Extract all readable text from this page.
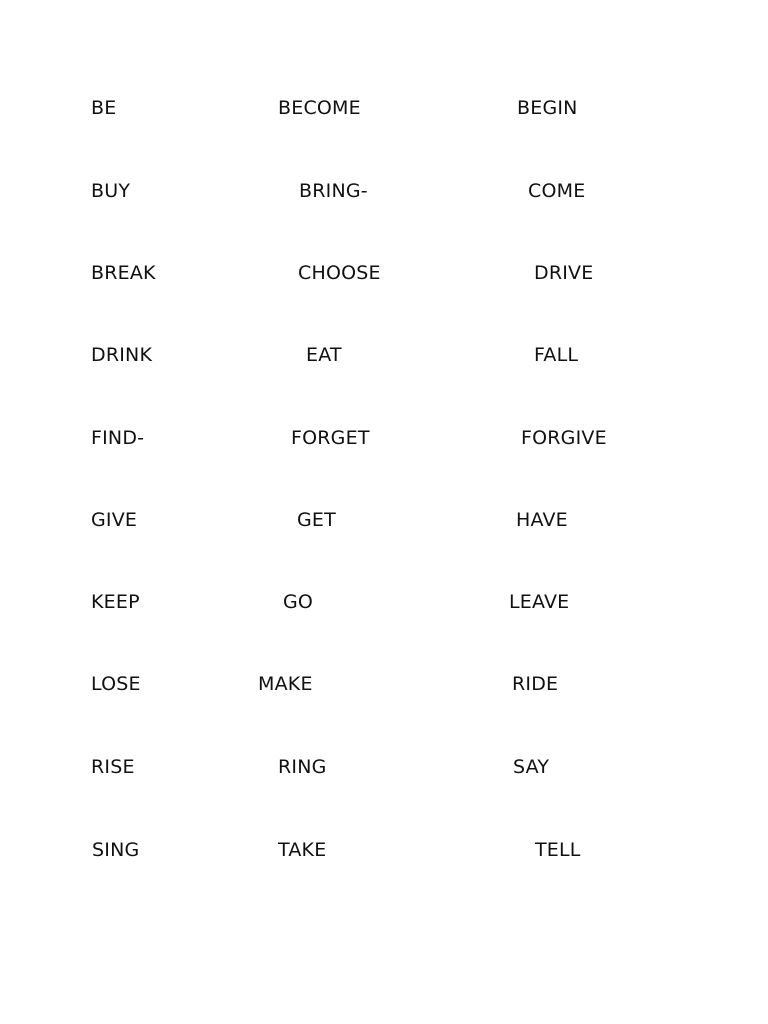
BE	BECOME	BEGIN
BUY	BRING-	COME
BREAK	CHOOSE	DRIVE
DRINK	EAT	FALL
FIND-	FORGET	FORGIVE
GIVE	GET	HAVE
KEEP	GO	LEAVE
LOSE	MAKE	RIDE
RISE	RING	SAY
SING	TAKE	TELL
